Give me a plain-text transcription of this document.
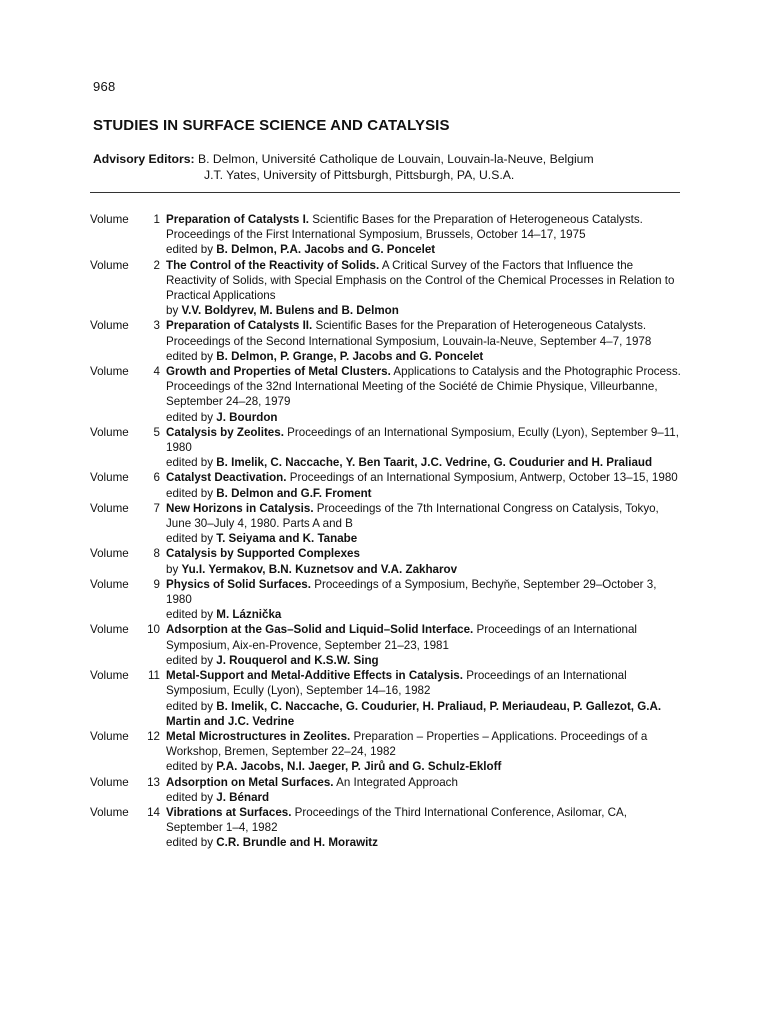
968
STUDIES IN SURFACE SCIENCE AND CATALYSIS
Advisory Editors: B. Delmon, Université Catholique de Louvain, Louvain-la-Neuve, Belgium
J.T. Yates, University of Pittsburgh, Pittsburgh, PA, U.S.A.
Volume 1 Preparation of Catalysts I. Scientific Bases for the Preparation of Heterogeneous Catalysts. Proceedings of the First International Symposium, Brussels, October 14–17, 1975
edited by B. Delmon, P.A. Jacobs and G. Poncelet
Volume 2 The Control of the Reactivity of Solids. A Critical Survey of the Factors that Influence the Reactivity of Solids, with Special Emphasis on the Control of the Chemical Processes in Relation to Practical Applications
by V.V. Boldyrev, M. Bulens and B. Delmon
Volume 3 Preparation of Catalysts II. Scientific Bases for the Preparation of Heterogeneous Catalysts. Proceedings of the Second International Symposium, Louvain-la-Neuve, September 4–7, 1978
edited by B. Delmon, P. Grange, P. Jacobs and G. Poncelet
Volume 4 Growth and Properties of Metal Clusters. Applications to Catalysis and the Photographic Process. Proceedings of the 32nd International Meeting of the Société de Chimie Physique, Villeurbanne, September 24–28, 1979
edited by J. Bourdon
Volume 5 Catalysis by Zeolites. Proceedings of an International Symposium, Ecully (Lyon), September 9–11, 1980
edited by B. Imelik, C. Naccache, Y. Ben Taarit, J.C. Vedrine, G. Coudurier and H. Praliaud
Volume 6 Catalyst Deactivation. Proceedings of an International Symposium, Antwerp, October 13–15, 1980
edited by B. Delmon and G.F. Froment
Volume 7 New Horizons in Catalysis. Proceedings of the 7th International Congress on Catalysis, Tokyo, June 30–July 4, 1980. Parts A and B
edited by T. Seiyama and K. Tanabe
Volume 8 Catalysis by Supported Complexes
by Yu.I. Yermakov, B.N. Kuznetsov and V.A. Zakharov
Volume 9 Physics of Solid Surfaces. Proceedings of a Symposium, Bechyňe, September 29–October 3, 1980
edited by M. Láznička
Volume 10 Adsorption at the Gas–Solid and Liquid–Solid Interface. Proceedings of an International Symposium, Aix-en-Provence, September 21–23, 1981
edited by J. Rouquerol and K.S.W. Sing
Volume 11 Metal-Support and Metal-Additive Effects in Catalysis. Proceedings of an International Symposium, Ecully (Lyon), September 14–16, 1982
edited by B. Imelik, C. Naccache, G. Coudurier, H. Praliaud, P. Meriaudeau, P. Gallezot, G.A. Martin and J.C. Vedrine
Volume 12 Metal Microstructures in Zeolites. Preparation – Properties – Applications. Proceedings of a Workshop, Bremen, September 22–24, 1982
edited by P.A. Jacobs, N.I. Jaeger, P. Jirů and G. Schulz-Ekloff
Volume 13 Adsorption on Metal Surfaces. An Integrated Approach
edited by J. Bénard
Volume 14 Vibrations at Surfaces. Proceedings of the Third International Conference, Asilomar, CA, September 1–4, 1982
edited by C.R. Brundle and H. Morawitz
